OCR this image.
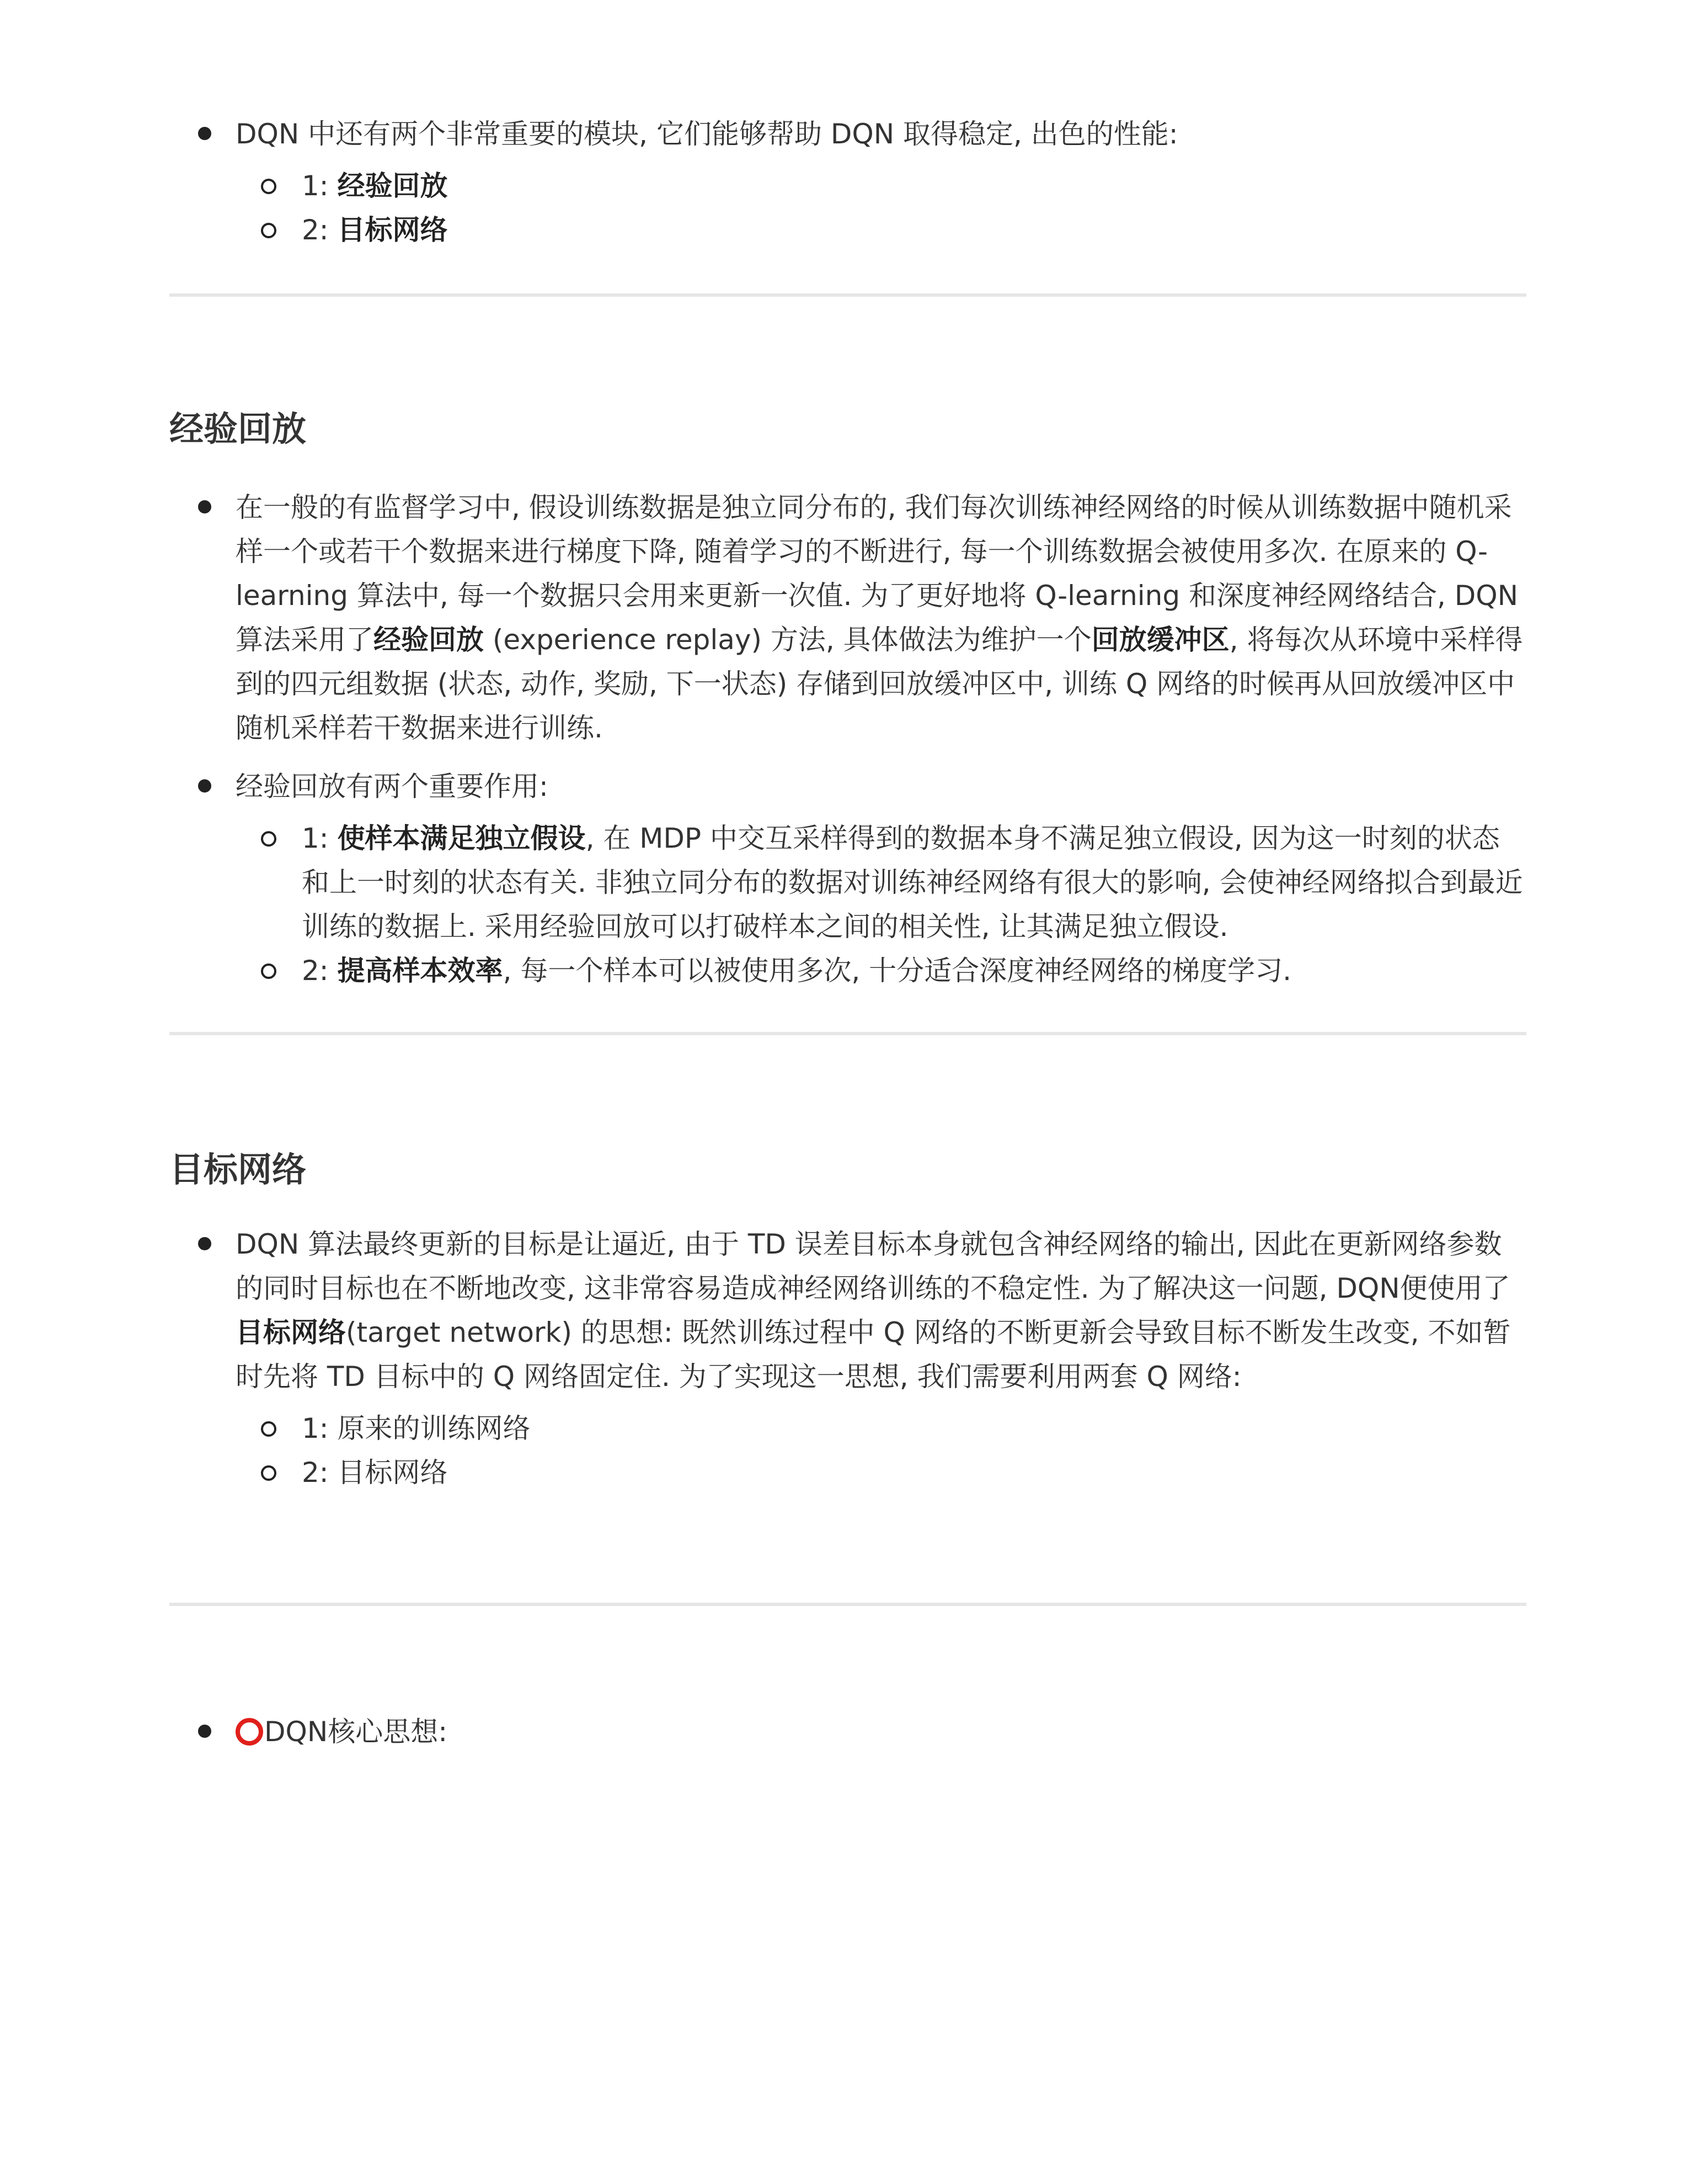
DQN 中还有两个非常重要的模块, 它们能够帮助 DQN 取得稳定, 出色的性能:
1: 经验回放
2: 目标网络
经验回放
在一般的有监督学习中, 假设训练数据是独立同分布的, 我们每次训练神经网络的时候从训练数据中随机采样一个或若干个数据来进行梯度下降, 随着学习的不断进行, 每一个训练数据会被使用多次. 在原来的 Q-learning 算法中, 每一个数据只会用来更新一次值. 为了更好地将 Q-learning 和深度神经网络结合, DQN 算法采用了经验回放 (experience replay) 方法, 具体做法为维护一个回放缓冲区, 将每次从环境中采样得到的四元组数据 (状态, 动作, 奖励, 下一状态) 存储到回放缓冲区中, 训练 Q 网络的时候再从回放缓冲区中随机采样若干数据来进行训练.
经验回放有两个重要作用:
1: 使样本满足独立假设, 在 MDP 中交互采样得到的数据本身不满足独立假设, 因为这一时刻的状态和上一时刻的状态有关. 非独立同分布的数据对训练神经网络有很大的影响, 会使神经网络拟合到最近训练的数据上. 采用经验回放可以打破样本之间的相关性, 让其满足独立假设.
2: 提高样本效率, 每一个样本可以被使用多次, 十分适合深度神经网络的梯度学习.
目标网络
DQN 算法最终更新的目标是让逼近, 由于 TD 误差目标本身就包含神经网络的输出, 因此在更新网络参数的同时目标也在不断地改变, 这非常容易造成神经网络训练的不稳定性. 为了解决这一问题, DQN便使用了目标网络(target network) 的思想: 既然训练过程中 Q 网络的不断更新会导致目标不断发生改变, 不如暂时先将 TD 目标中的 Q 网络固定住. 为了实现这一思想, 我们需要利用两套 Q 网络:
1: 原来的训练网络
2: 目标网络
DQN核心思想:
